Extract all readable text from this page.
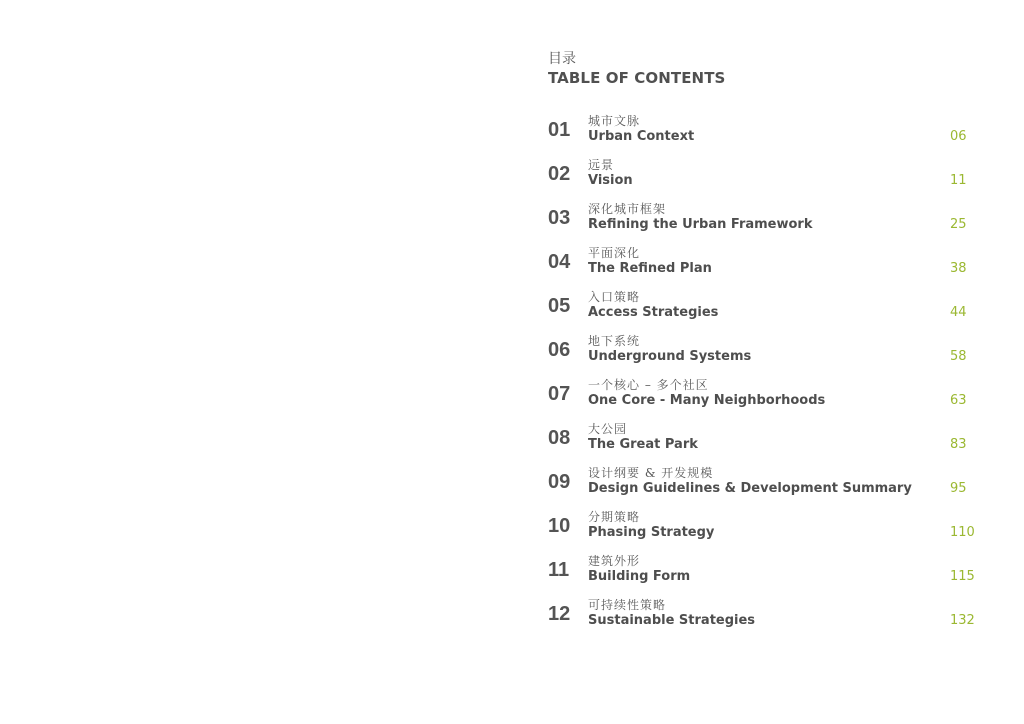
目录
TABLE OF CONTENTS
01 城市文脉
Urban Context	06
02 远景
Vision	11
03 深化城市框架
Refining the Urban Framework	25
04 平面深化
The Refined Plan	38
05 入口策略
Access Strategies	44
06 地下系统
Underground Systems	58
07 一个核心 – 多个社区
One Core - Many Neighborhoods	63
08 大公园
The Great Park	83
09 设计纲要 & 开发规模
Design Guidelines & Development Summary	95
10 分期策略
Phasing Strategy	110
11 建筑外形
Building Form	115
12 可持续性策略
Sustainable Strategies	132
